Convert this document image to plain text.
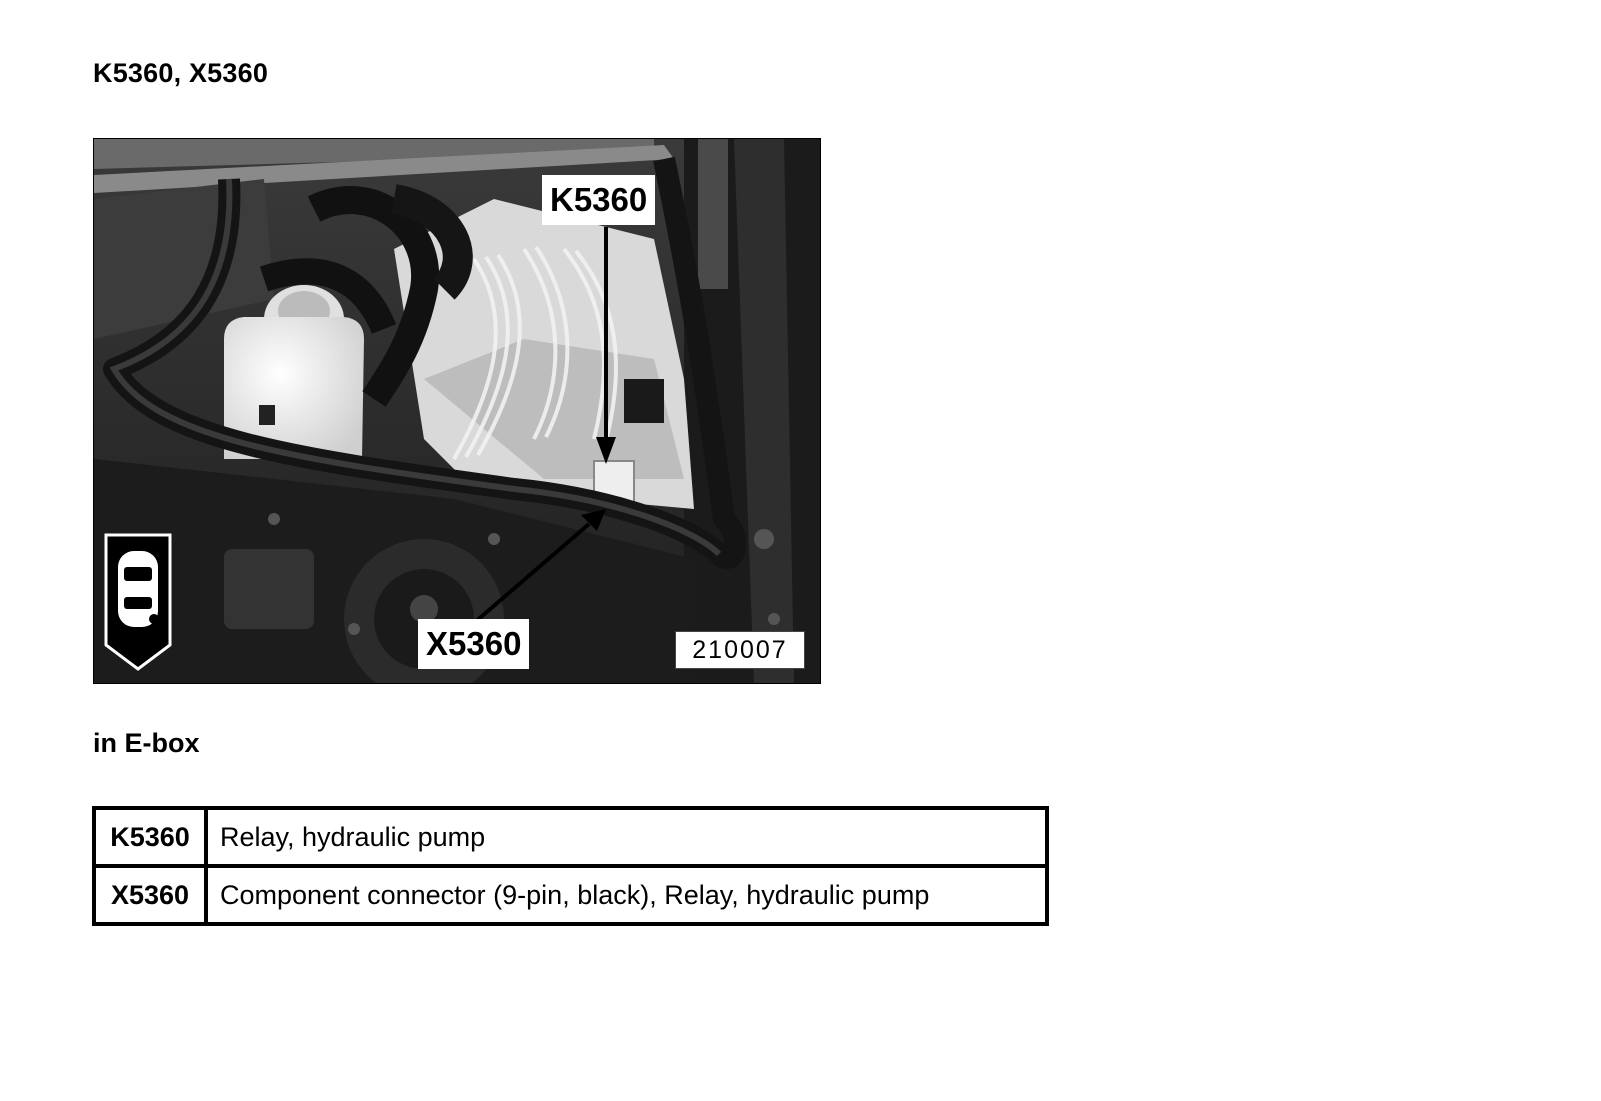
K5360, X5360
K5360
X5360	210007
in E-box
K5360	Relay, hydraulic pump
X5360	Component connector (9-pin, black), Relay, hydraulic pump
